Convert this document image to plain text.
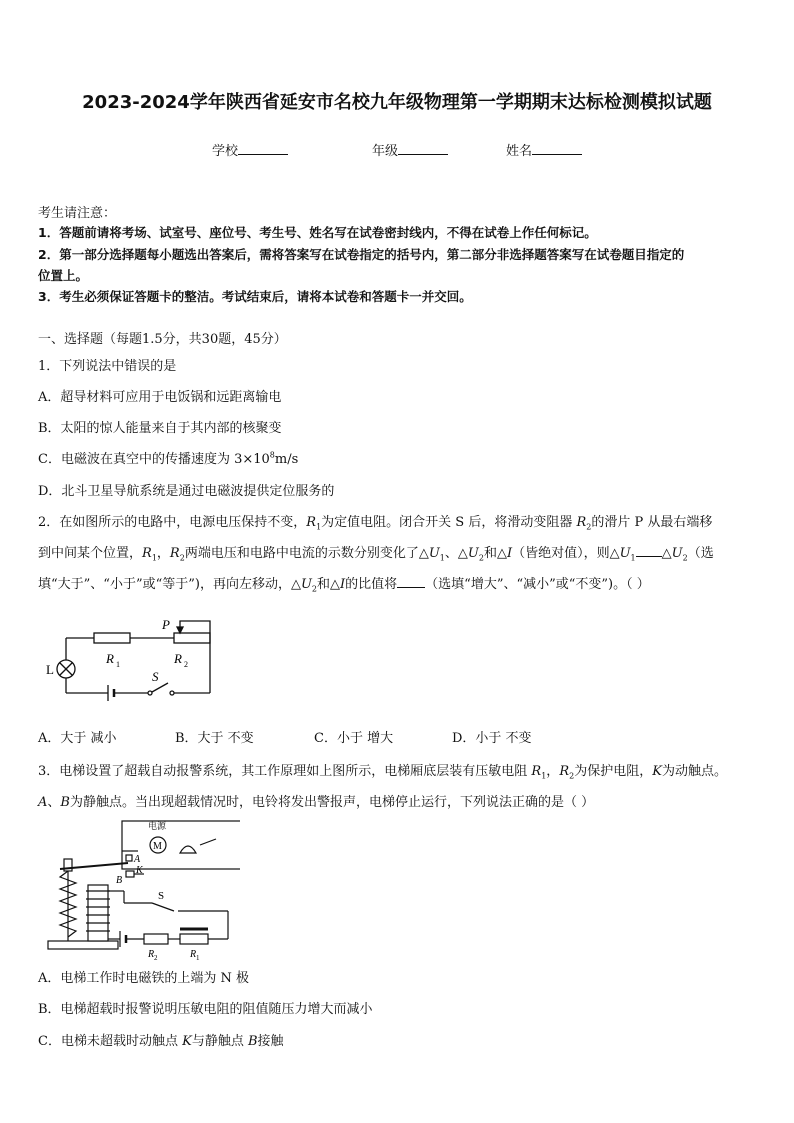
2023-2024学年陕西省延安市名校九年级物理第一学期期末达标检测模拟试题
学校	年级	姓名
考生请注意：
1．答题前请将考场、试室号、座位号、考生号、姓名写在试卷密封线内，不得在试卷上作任何标记。
2．第一部分选择题每小题选出答案后，需将答案写在试卷指定的括号内，第二部分非选择题答案写在试卷题目指定的
位置上。
3．考生必须保证答题卡的整洁。考试结束后，请将本试卷和答题卡一并交回。
一、选择题（每题1.5分，共30题，45分）
1．下列说法中错误的是
A．超导材料可应用于电饭锅和远距离输电
B．太阳的惊人能量来自于其内部的核聚变
C．电磁波在真空中的传播速度为 $3\times 10^8m/s$
D．北斗卫星导航系统是通过电磁波提供定位服务的
2．在如图所示的电路中，电源电压保持不变，$R_1$为定值电阻。闭合开关 S 后，将滑动变阻器 $R_2$的滑片 P 从最右端移
到中间某个位置，$R_1$，$R_2$两端电压和电路中电流的示数分别变化了$\triangle U_1$、$\triangle U_2$和△I（皆绝对值），则$\triangle U_1$ $\triangle U_2$（选
填“大于”、“小于”或“等于”)，再向左移动，$\triangle U_2$和△I的比值将 （选填“增大”、“减小”或“不变”)。（ ）
P
R 1	R 2
L	S
A．大于 减小	B．大于 不变	C．小于 增大	D．小于 不变
3．电梯设置了超载自动报警系统，其工作原理如上图所示，电梯厢底层装有压敏电阻 $R_1$，$R_2$为保护电阻，K为动触点。
A、B为静触点。当出现超载情况时，电铃将发出警报声，电梯停止运行，下列说法正确的是（ ）
电源
M
A
K
B
S
R 2	R 1
A．电梯工作时电磁铁的上端为 N 极
B．电梯超载时报警说明压敏电阻的阻值随压力增大而减小
C．电梯未超载时动触点 K与静触点 B接触
